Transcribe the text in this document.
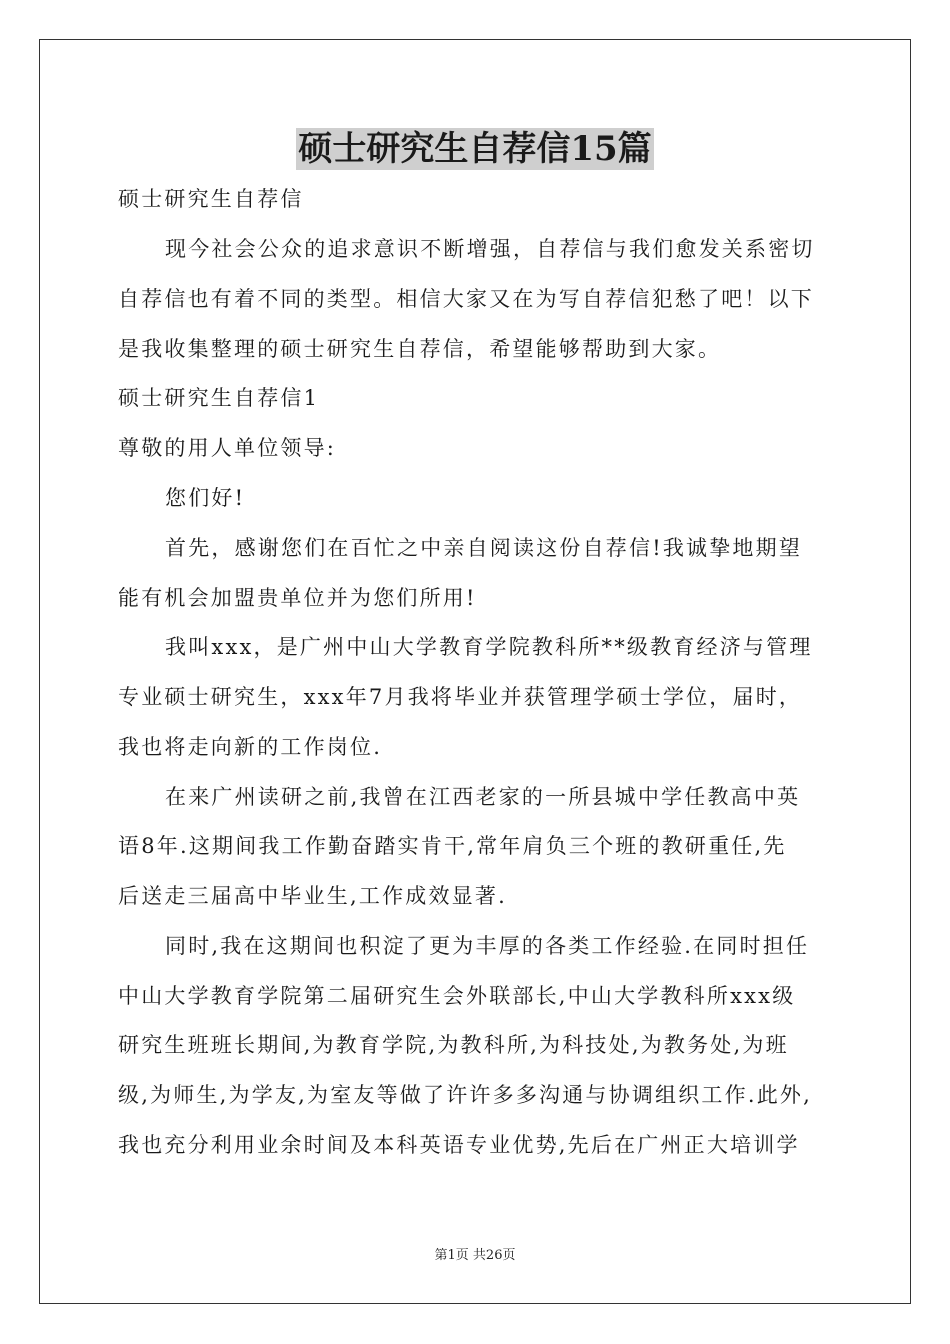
硕士研究生自荐信15篇
硕士研究生自荐信
现今社会公众的追求意识不断增强，自荐信与我们愈发关系密切
自荐信也有着不同的类型。相信大家又在为写自荐信犯愁了吧！以下
是我收集整理的硕士研究生自荐信，希望能够帮助到大家。
硕士研究生自荐信1
尊敬的用人单位领导:
您们好!
首先，感谢您们在百忙之中亲自阅读这份自荐信!我诚挚地期望
能有机会加盟贵单位并为您们所用!
我叫xxx，是广州中山大学教育学院教科所**级教育经济与管理
专业硕士研究生，xxx年7月我将毕业并获管理学硕士学位，届时，
我也将走向新的工作岗位.
在来广州读研之前,我曾在江西老家的一所县城中学任教高中英
语8年.这期间我工作勤奋踏实肯干,常年肩负三个班的教研重任,先
后送走三届高中毕业生,工作成效显著.
同时,我在这期间也积淀了更为丰厚的各类工作经验.在同时担任
中山大学教育学院第二届研究生会外联部长,中山大学教科所xxx级
研究生班班长期间,为教育学院,为教科所,为科技处,为教务处,为班
级,为师生,为学友,为室友等做了许许多多沟通与协调组织工作.此外,
我也充分利用业余时间及本科英语专业优势,先后在广州正大培训学
第1页 共26页
